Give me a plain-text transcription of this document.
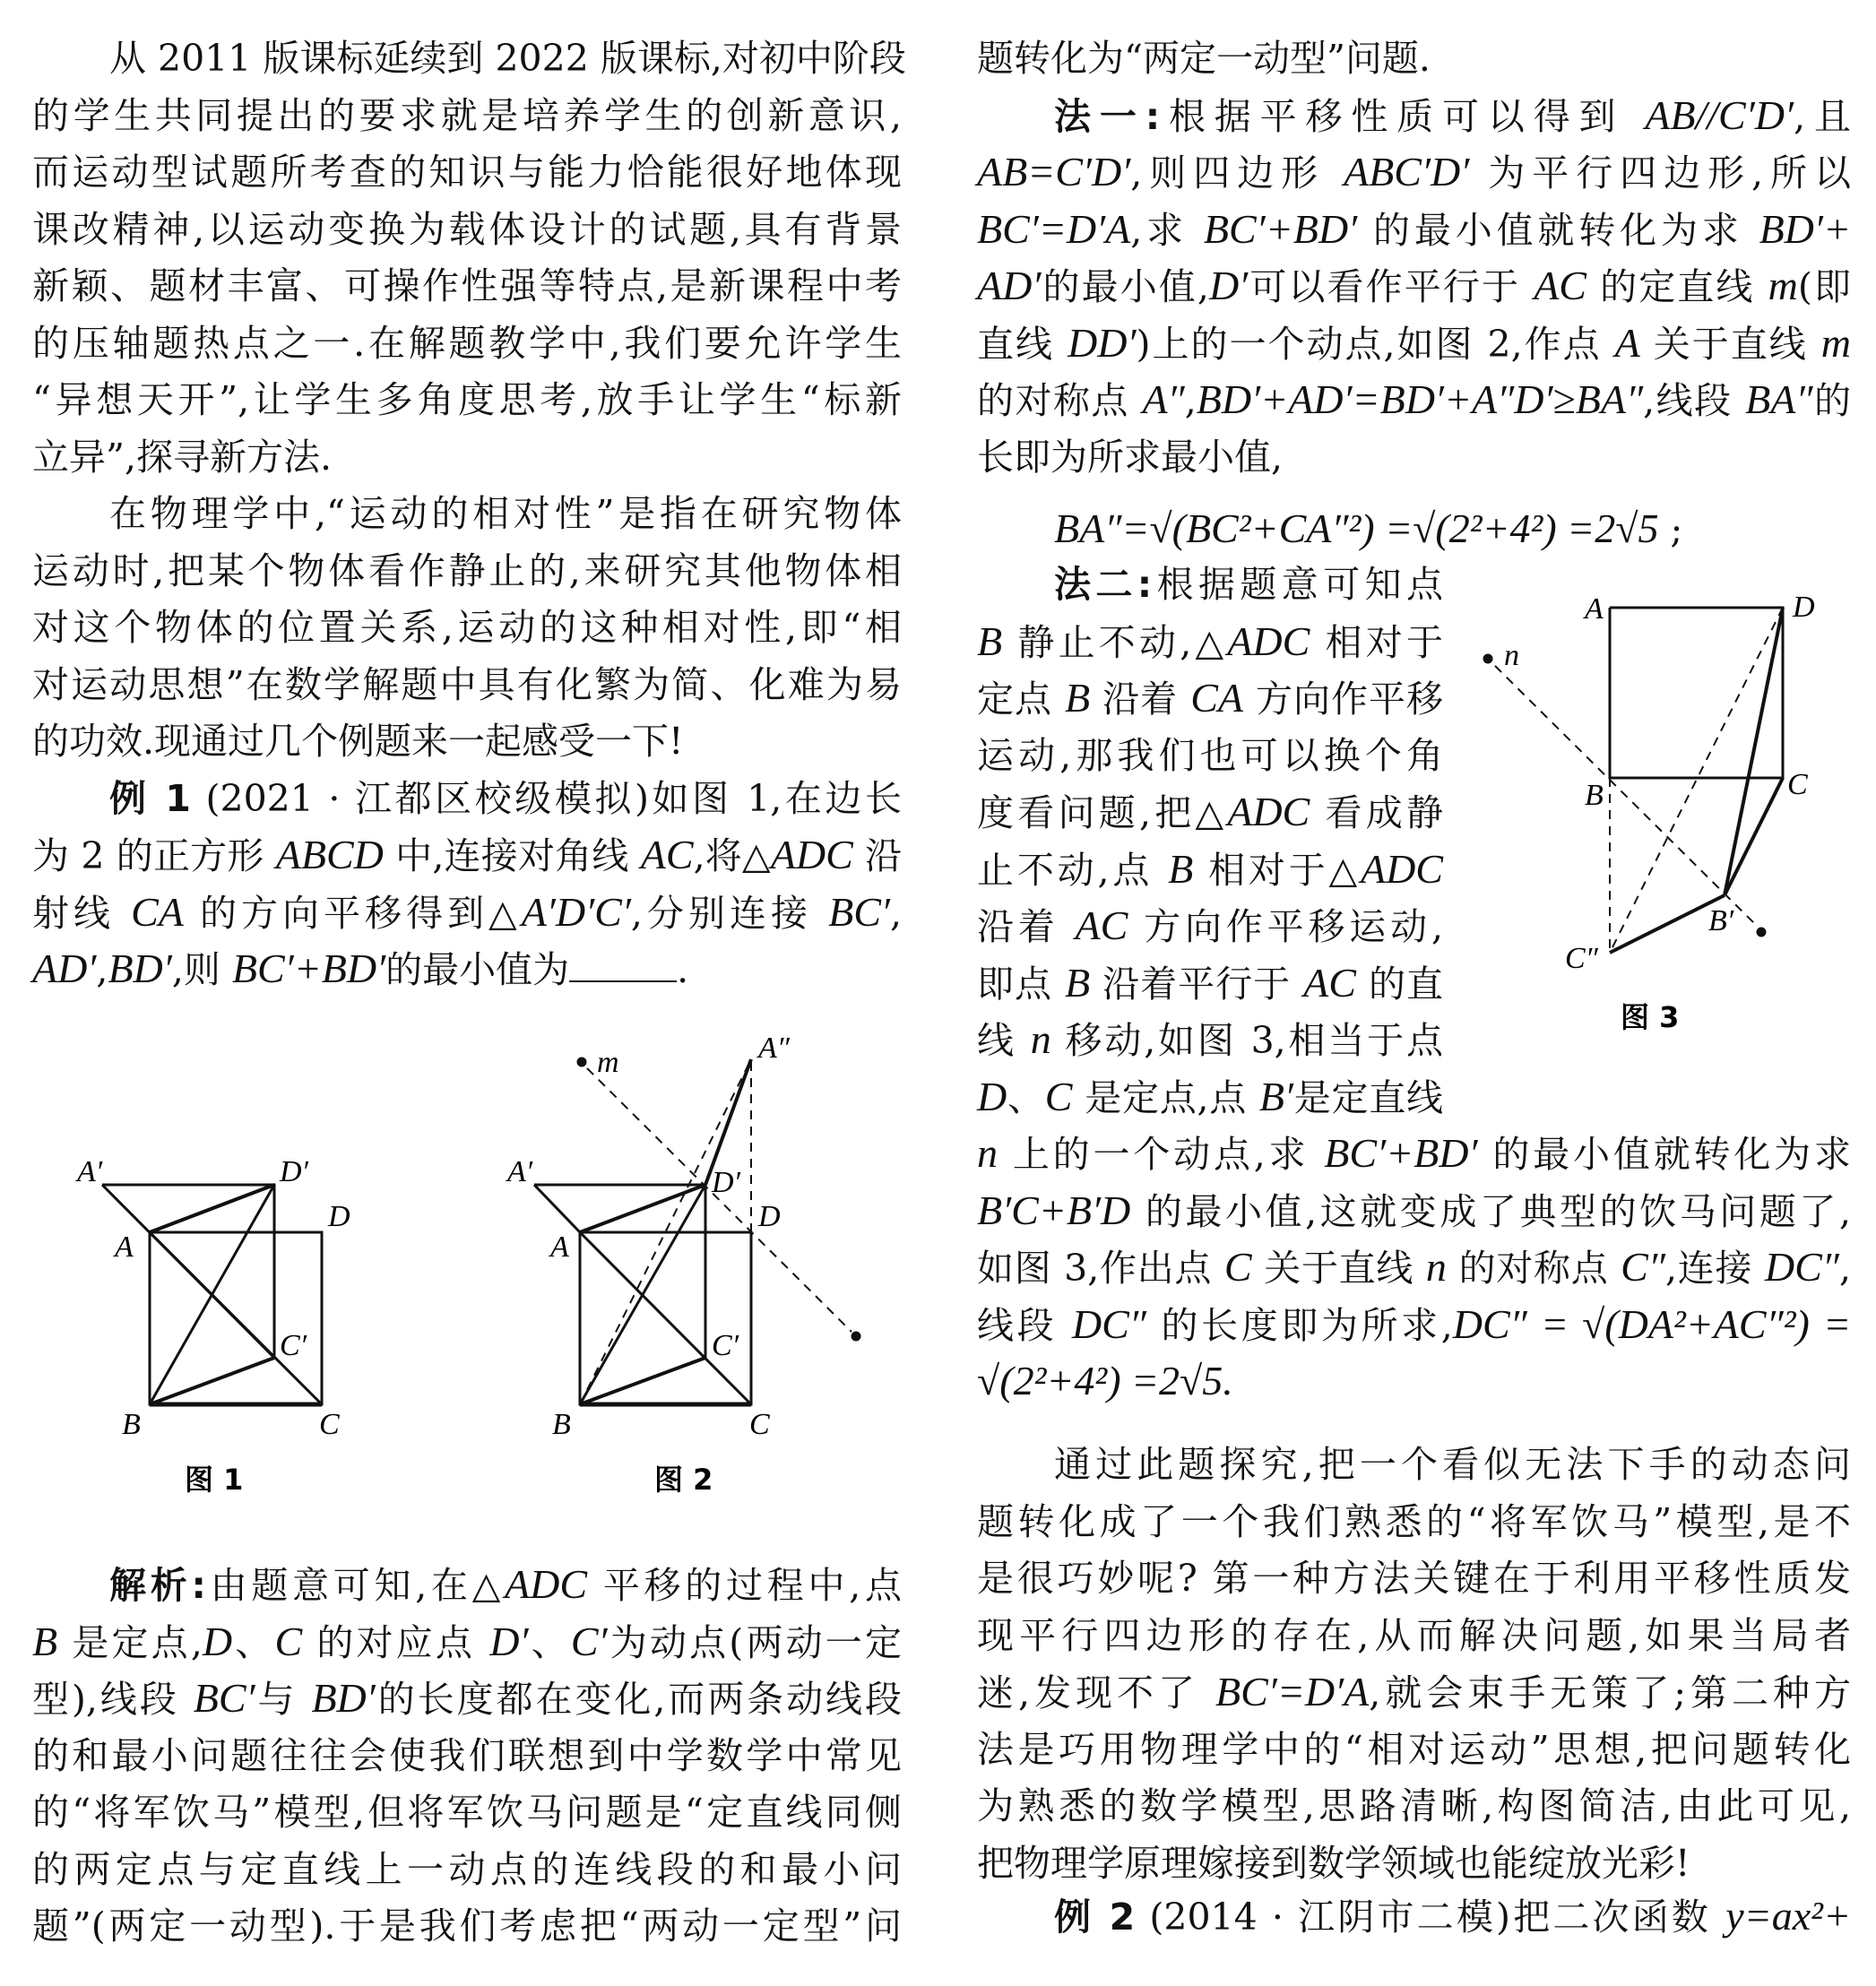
从 2011 版课标延续到 2022 版课标,对初中阶段
的学生共同提出的要求就是培养学生的创新意识,
而运动型试题所考查的知识与能力恰能很好地体现
课改精神,以运动变换为载体设计的试题,具有背景
新颖、题材丰富、可操作性强等特点,是新课程中考
的压轴题热点之一.在解题教学中,我们要允许学生
“异想天开”,让学生多角度思考,放手让学生“标新
立异”,探寻新方法.
在物理学中,“运动的相对性”是指在研究物体
运动时,把某个物体看作静止的,来研究其他物体相
对这个物体的位置关系,运动的这种相对性,即“相
对运动思想”在数学解题中具有化繁为简、化难为易
的功效.现通过几个例题来一起感受一下!
例 1 (2021 · 江都区校级模拟)如图 1,在边长
为 2 的正方形 ABCD 中,连接对角线 AC,将△ADC 沿
射线 CA 的方向平移得到△A′D′C′,分别连接 BC′,
AD′,BD′,则 BC′+BD′的最小值为	.
解析:由题意可知,在△ADC 平移的过程中,点
B 是定点,D、C 的对应点 D′、C′为动点(两动一定
型),线段 BC′与 BD′的长度都在变化,而两条动线段
的和最小问题往往会使我们联想到中学数学中常见
的“将军饮马”模型,但将军饮马问题是“定直线同侧
的两定点与定直线上一动点的连线段的和最小问
题”(两定一动型).于是我们考虑把“两动一定型”问
题转化为“两定一动型”问题.
法一:根据平移性质可以得到 AB//C′D′,且
AB=C′D′,则四边形 ABC′D′ 为平行四边形,所以
BC′=D′A,求 BC′+BD′ 的最小值就转化为求 BD′+
AD′的最小值,D′可以看作平行于 AC 的定直线 m(即
直线 DD′)上的一个动点,如图 2,作点 A 关于直线 m
的对称点 A″,BD′+AD′=BD′+A″D′≥BA″,线段 BA″的
长即为所求最小值,
BA″=√(BC²+CA″²) =√(2²+4²) =2√5 ;
法二:根据题意可知点
B 静止不动,△ADC 相对于
定点 B 沿着 CA 方向作平移
运动,那我们也可以换个角
度看问题,把△ADC 看成静
止不动,点 B 相对于△ADC
沿着 AC 方向作平移运动,
即点 B 沿着平行于 AC 的直
线 n 移动,如图 3,相当于点
D、C 是定点,点 B′是定直线
n 上的一个动点,求 BC′+BD′ 的最小值就转化为求
B′C+B′D 的最小值,这就变成了典型的饮马问题了,
如图 3,作出点 C 关于直线 n 的对称点 C″,连接 DC″,
线段 DC″ 的长度即为所求,DC″ = √(DA²+AC″²) =
√(2²+4²) =2√5.
通过此题探究,把一个看似无法下手的动态问
题转化成了一个我们熟悉的“将军饮马”模型,是不
是很巧妙呢? 第一种方法关键在于利用平移性质发
现平行四边形的存在,从而解决问题,如果当局者
迷,发现不了 BC′=D′A,就会束手无策了;第二种方
法是巧用物理学中的“相对运动”思想,把问题转化
为熟悉的数学模型,思路清晰,构图简洁,由此可见,
把物理学原理嫁接到数学领域也能绽放光彩!
例 2 (2014 · 江阴市二模)把二次函数 y=ax²+
A′	D′
A
D
C′
B	C
图 1
m	A″
A′	D′
A
D
C′
B	C
图 2
A	D
n
B	C
B′
C″
图 3
